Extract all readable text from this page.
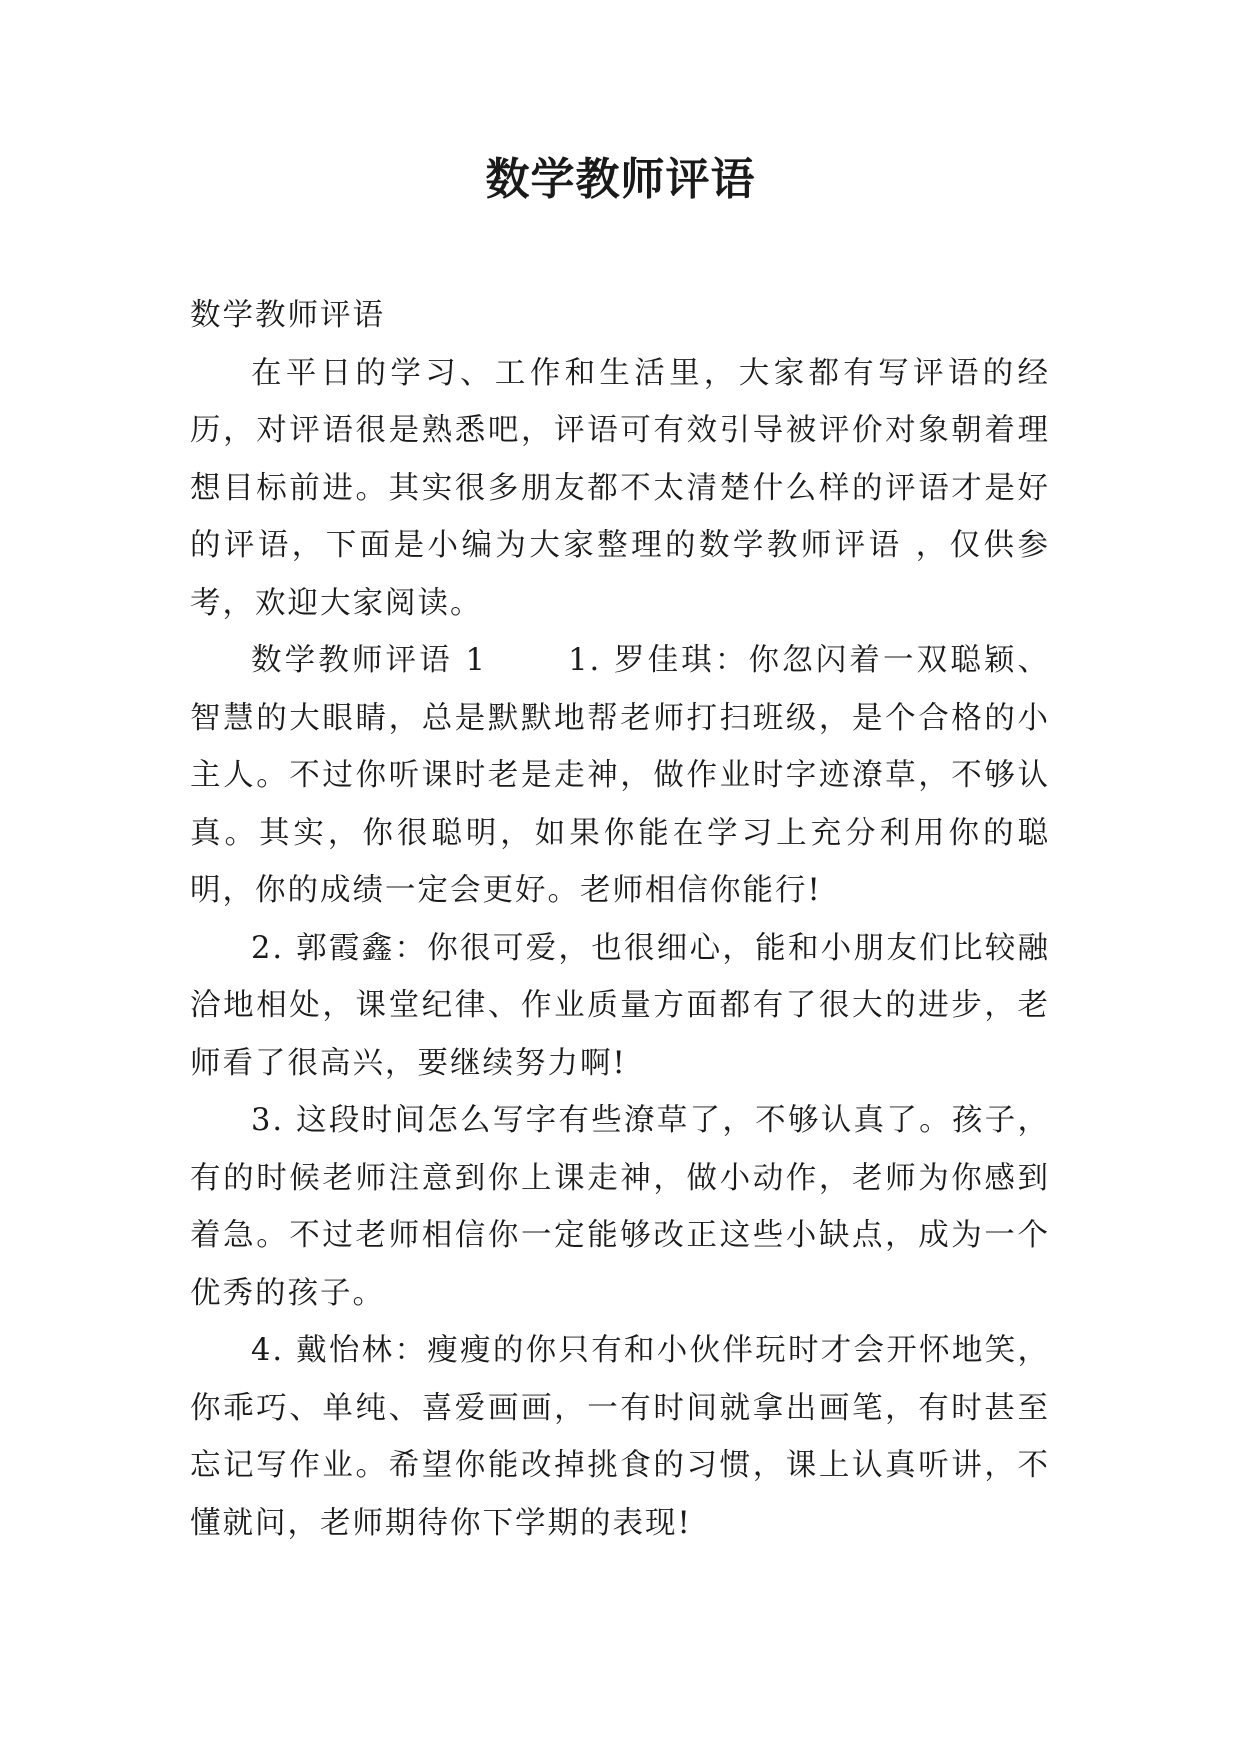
数学教师评语

数学教师评语

在平日的学习、工作和生活里，大家都有写评语的经历，对评语很是熟悉吧，评语可有效引导被评价对象朝着理想目标前进。其实很多朋友都不太清楚什么样的评语才是好的评语，下面是小编为大家整理的数学教师评语 ，仅供参考，欢迎大家阅读。

数学教师评语 1　　 1. 罗佳琪：你忽闪着一双聪颖、智慧的大眼睛，总是默默地帮老师打扫班级，是个合格的小主人。不过你听课时老是走神，做作业时字迹潦草，不够认真。其实，你很聪明，如果你能在学习上充分利用你的聪明，你的成绩一定会更好。老师相信你能行!

2. 郭霞鑫：你很可爱，也很细心，能和小朋友们比较融洽地相处，课堂纪律、作业质量方面都有了很大的进步，老师看了很高兴，要继续努力啊!

3. 这段时间怎么写字有些潦草了，不够认真了。孩子，有的时候老师注意到你上课走神，做小动作，老师为你感到着急。不过老师相信你一定能够改正这些小缺点，成为一个优秀的孩子。

4. 戴怡林：瘦瘦的你只有和小伙伴玩时才会开怀地笑，你乖巧、单纯、喜爱画画，一有时间就拿出画笔，有时甚至忘记写作业。希望你能改掉挑食的习惯，课上认真听讲，不懂就问，老师期待你下学期的表现!
